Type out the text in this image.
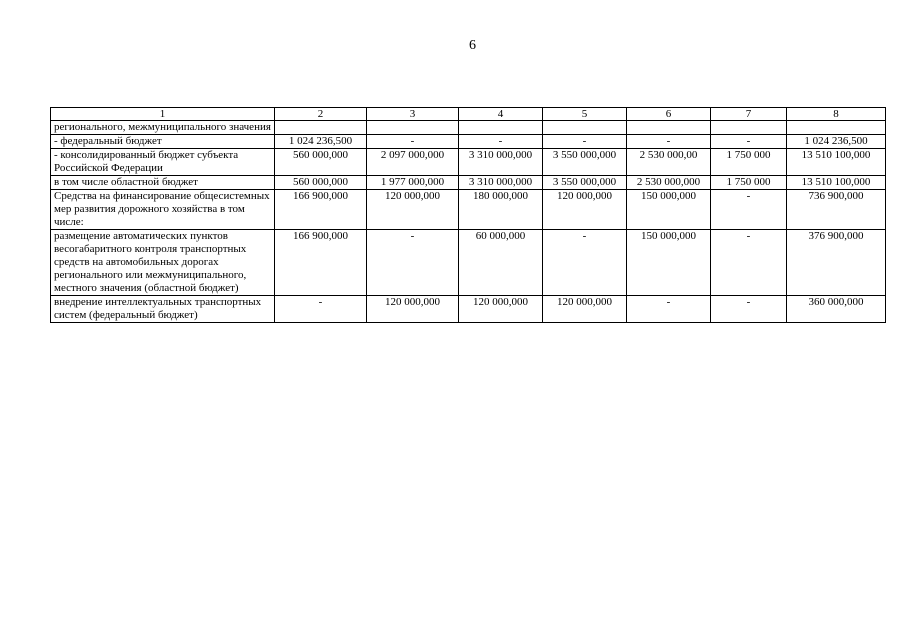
6
1	2	3	4	5	6	7	8
регионального, межмуниципального значения							
- федеральный бюджет	1 024 236,500	-	-	-	-	-	1 024 236,500
- консолидированный бюджет субъекта Российской Федерации	560 000,000	2 097 000,000	3 310 000,000	3 550 000,000	2 530 000,00	1 750 000	13 510 100,000
в том числе областной бюджет	560 000,000	1 977 000,000	3 310 000,000	3 550 000,000	2 530 000,000	1 750 000	13 510 100,000
Средства на финансирование общесистемных мер развития дорожного хозяйства в том числе:	166 900,000	120 000,000	180 000,000	120 000,000	150 000,000	-	736 900,000
размещение автоматических пунктов весогабаритного контроля транспортных средств на автомобильных дорогах регионального или межмуниципального, местного значения (областной бюджет)	166 900,000	-	60 000,000	-	150 000,000	-	376 900,000
внедрение интеллектуальных транспортных систем (федеральный бюджет)	-	120 000,000	120 000,000	120 000,000	-	-	360 000,000
